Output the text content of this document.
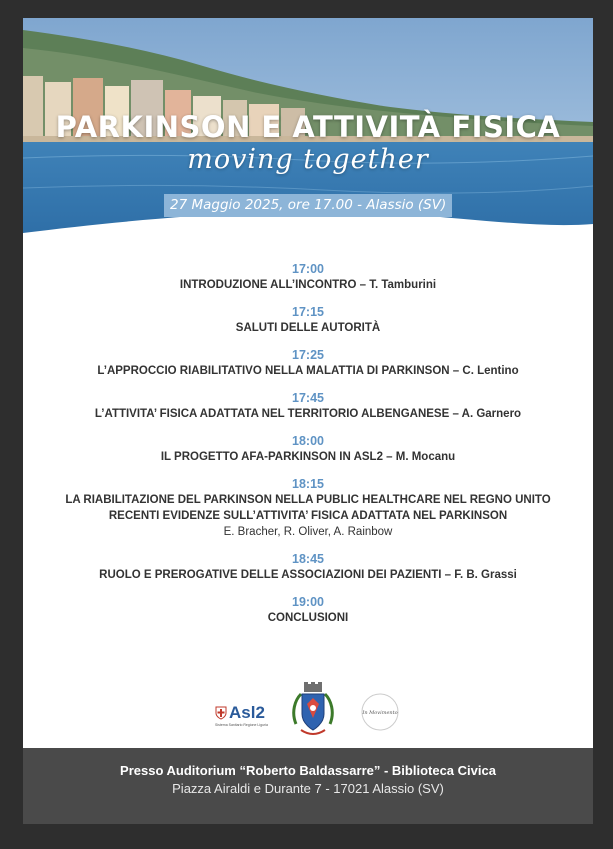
PARKINSON E ATTIVITÀ FISICA
moving together
27 Maggio 2025, ore 17.00 - Alassio (SV)
17:00
INTRODUZIONE ALL’INCONTRO – T. Tamburini
17:15
SALUTI DELLE AUTORITÀ
17:25
L’APPROCCIO RIABILITATIVO NELLA MALATTIA DI PARKINSON – C. Lentino
17:45
L’ATTIVITA’ FISICA ADATTATA NEL TERRITORIO ALBENGANESE – A. Garnero
18:00
IL PROGETTO AFA-PARKINSON IN ASL2 – M. Mocanu
18:15
LA RIABILITAZIONE DEL PARKINSON NELLA PUBLIC HEALTHCARE NEL REGNO UNITO
RECENTI EVIDENZE SULL’ATTIVITA’ FISICA ADATTATA NEL PARKINSON
E. Bracher, R. Oliver, A. Rainbow
18:45
RUOLO E PREROGATIVE DELLE ASSOCIAZIONI DEI PAZIENTI – F. B. Grassi
19:00
CONCLUSIONI
Asl2
Sistema Sanitario Regione Liguria
In Movimento
Presso Auditorium “Roberto Baldassarre” - Biblioteca Civica
Piazza Airaldi e Durante 7 - 17021 Alassio (SV)
